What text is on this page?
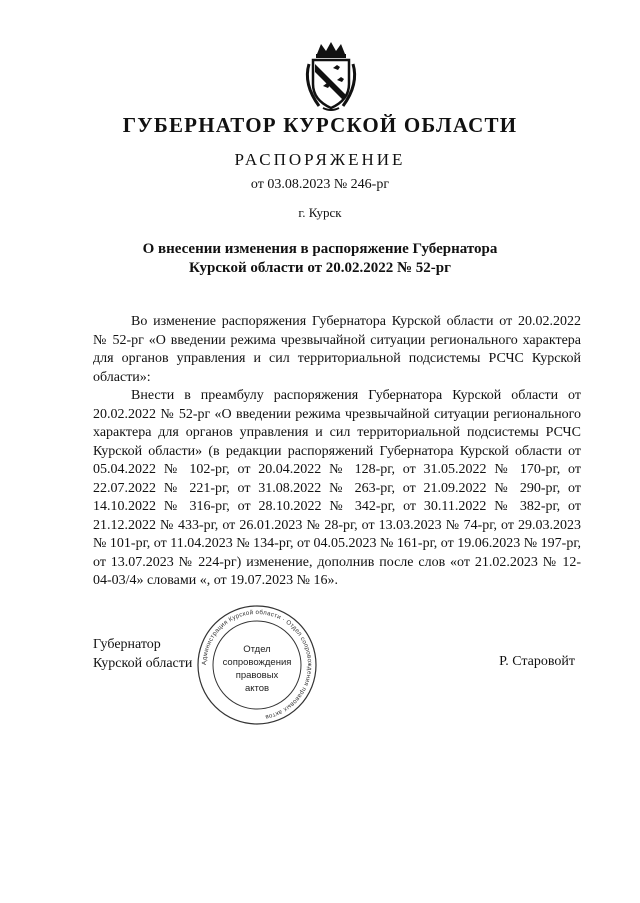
ГУБЕРНАТОР КУРСКОЙ ОБЛАСТИ
РАСПОРЯЖЕНИЕ
от 03.08.2023 № 246-рг
г. Курск
О внесении изменения в распоряжение Губернатора
Курской области от 20.02.2022 № 52-рг

Во изменение распоряжения Губернатора Курской области от 20.02.2022 № 52-рг «О введении режима чрезвычайной ситуации регионального характера для органов управления и сил территориальной подсистемы РСЧС Курской области»:

Внести в преамбулу распоряжения Губернатора Курской области от 20.02.2022 № 52-рг «О введении режима чрезвычайной ситуации регионального характера для органов управления и сил территориальной подсистемы РСЧС Курской области» (в редакции распоряжений Губернатора Курской области от 05.04.2022 № 102-рг, от 20.04.2022 № 128-рг, от 31.05.2022 № 170-рг, от 22.07.2022 № 221-рг, от 31.08.2022 № 263-рг, от 21.09.2022 № 290-рг, от 14.10.2022 № 316-рг, от 28.10.2022 № 342-рг, от 30.11.2022 № 382-рг, от 21.12.2022 № 433-рг, от 26.01.2023 № 28-рг, от 13.03.2023 № 74-рг, от 29.03.2023 № 101-рг, от 11.04.2023 № 134-рг, от 04.05.2023 № 161-рг, от 19.06.2023 № 197-рг, от 13.07.2023 № 224-рг) изменение, дополнив после слов «от 21.02.2023 № 12-04-03/4» словами «, от 19.07.2023 № 16».

Губернатор
Курской области	Р. Старовойт
Администрация Курской области · Отдел сопровождения правовых актов
Отдел
сопровождения
правовых
актов
